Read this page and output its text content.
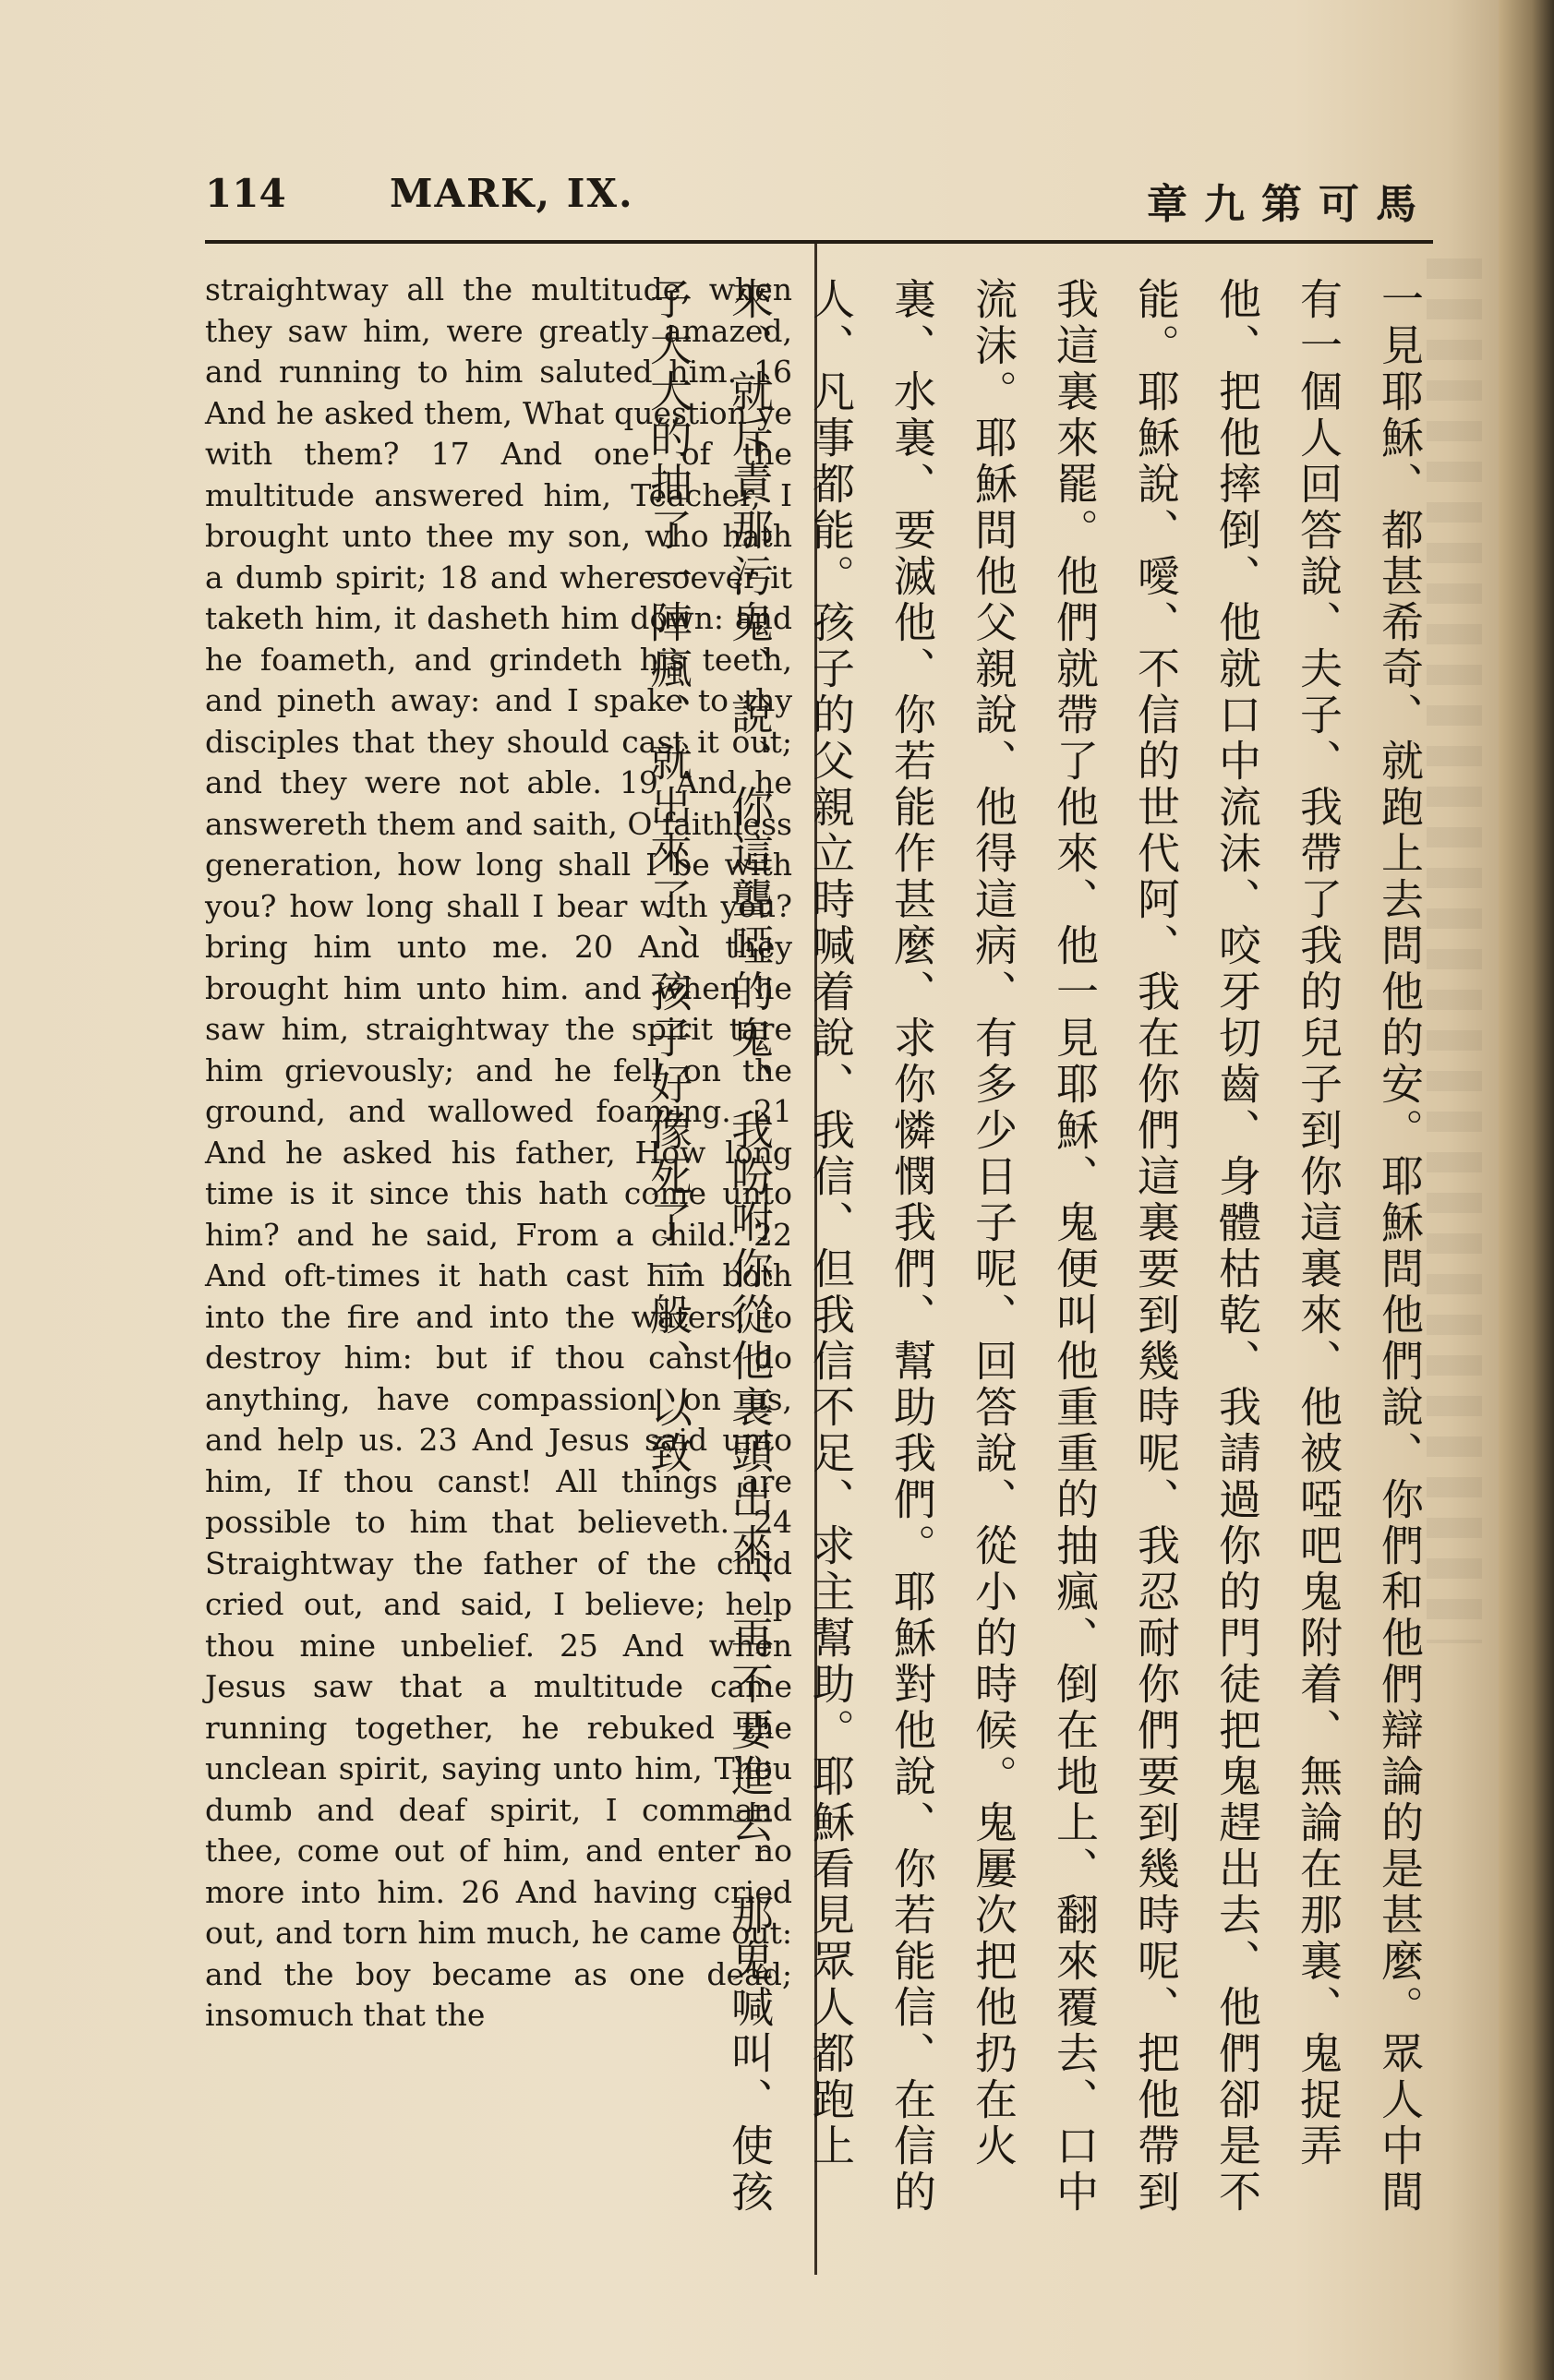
114	MARK, IX.	章九第可馬

straightway all the multitude, when they saw him, were greatly amazed, and running to him saluted him. 16 And he asked them, What question ye with them? 17 And one of the multitude answered him, Teacher, I brought unto thee my son, who hath a dumb spirit; 18 and wheresoever it taketh him, it dasheth him down: and he foameth, and grindeth his teeth, and pineth away: and I spake to thy disciples that they should cast it out; and they were not able. 19 And he answereth them and saith, O faithless generation, how long shall I be with you? how long shall I bear with you? bring him unto me. 20 And they brought him unto him. and when he saw him, straightway the spirit tare him grievously; and he fell on the ground, and wallowed foaming. 21 And he asked his father, How long time is it since this hath come unto him? and he said, From a child. 22 And oft-times it hath cast him both into the fire and into the waters, to destroy him: but if thou canst do anything, have compassion on us, and help us. 23 And Jesus said unto him, If thou canst! All things are possible to him that believeth. 24 Straightway the father of the child cried out, and said, I believe; help thou mine unbelief. 25 And when Jesus saw that a multitude came running together, he rebuked the unclean spirit, saying unto him, Thou dumb and deaf spirit, I command thee, come out of him, and enter no more into him. 26 And having cried out, and torn him much, he came out: and the boy became as one dead; insomuch that the	一見耶穌、都甚希奇、就跑上去問他的安。耶穌問他們說、你們和他們辯論的是甚麼。眾人中間有一個人回答說、夫子、我帶了我的兒子到你這裏來、他被啞吧鬼附着、無論在那裏、鬼捉弄他、把他摔倒、他就口中流沫、咬牙切齒、身體枯乾、我請過你的門徒把鬼趕出去、他們卻是不能。耶穌說、噯、不信的世代阿、我在你們這裏要到幾時呢、我忍耐你們要到幾時呢、把他帶到我這裏來罷。他們就帶了他來、他一見耶穌、鬼便叫他重重的抽瘋、倒在地上、翻來覆去、口中流沫。耶穌問他父親說、他得這病、有多少日子呢、回答說、從小的時候。鬼屢次把他扔在火裏、水裏、要滅他、你若能作甚麼、求你憐憫我們、幫助我們。耶穌對他說、你若能信、在信的人、凡事都能。孩子的父親立時喊着說、我信、但我信不足、求主幫助。耶穌看見眾人都跑上來、就斥責那污鬼、說、你這聾啞的鬼、我吩咐你從他裏頭出來、再不要進去。那鬼喊叫、使孩子大大的抽了一陣瘋、就出來了、孩子好像死了一般、以致
